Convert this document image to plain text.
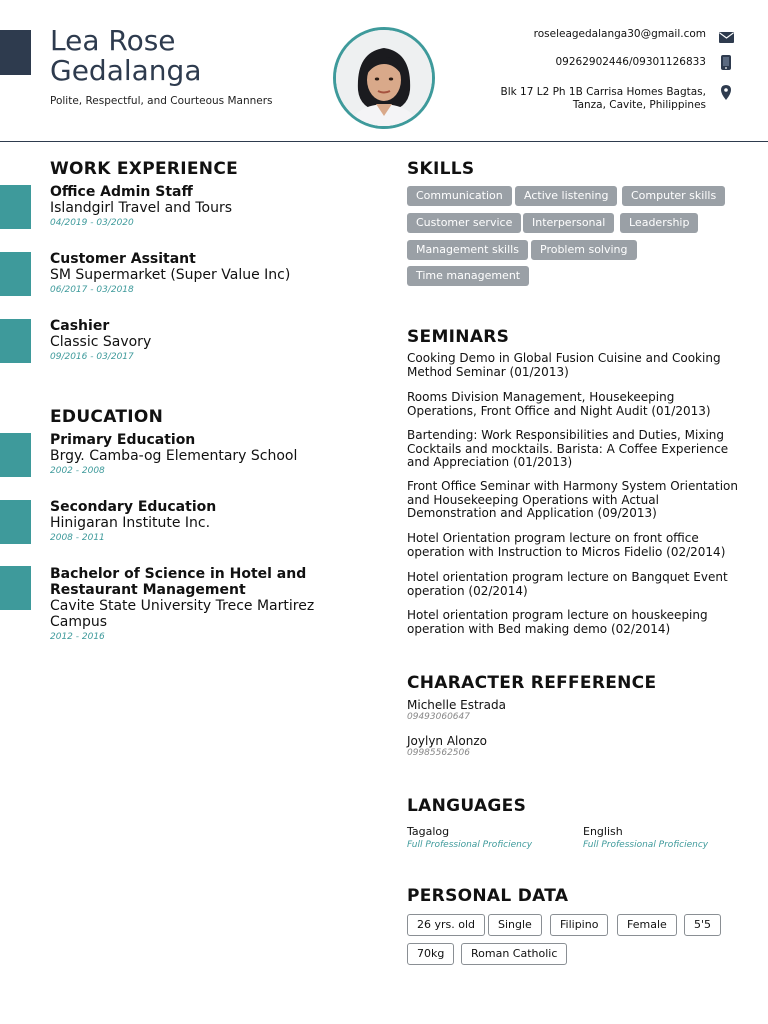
Lea Rose
Gedalanga
Polite, Respectful, and Courteous Manners
roseleagedalanga30@gmail.com
09262902446/09301126833
Blk 17 L2 Ph 1B Carrisa Homes Bagtas,
Tanza, Cavite, Philippines
WORK EXPERIENCE
Office Admin Staff
Islandgirl Travel and Tours
04/2019 - 03/2020
Customer Assitant
SM Supermarket (Super Value Inc)
06/2017 - 03/2018
Cashier
Classic Savory
09/2016 - 03/2017
EDUCATION
Primary Education
Brgy. Camba-og Elementary School
2002 - 2008
Secondary Education
Hinigaran Institute Inc.
2008 - 2011
Bachelor of Science in Hotel and
Restaurant Management
Cavite State University Trece Martirez
Campus
2012 - 2016
SKILLS
Communication	Active listening	Computer skills
Customer service	Interpersonal	Leadership
Management skills	Problem solving
Time management
SEMINARS
Cooking Demo in Global Fusion Cuisine and Cooking
Method Seminar (01/2013)
Rooms Division Management, Housekeeping
Operations, Front Office and Night Audit (01/2013)
Bartending: Work Responsibilities and Duties, Mixing
Cocktails and mocktails. Barista: A Coffee Experience
and Appreciation (01/2013)
Front Office Seminar with Harmony System Orientation
and Housekeeping Operations with Actual
Demonstration and Application (09/2013)
Hotel Orientation program lecture on front office
operation with Instruction to Micros Fidelio (02/2014)
Hotel orientation program lecture on Bangquet Event
operation (02/2014)
Hotel orientation program lecture on houskeeping
operation with Bed making demo (02/2014)
CHARACTER REFFERENCE
Michelle Estrada
09493060647
Joylyn Alonzo
09985562506
LANGUAGES
Tagalog
Full Professional Proficiency
English
Full Professional Proficiency
PERSONAL DATA
26 yrs. old	Single	Filipino	Female	5'5
70kg	Roman Catholic
